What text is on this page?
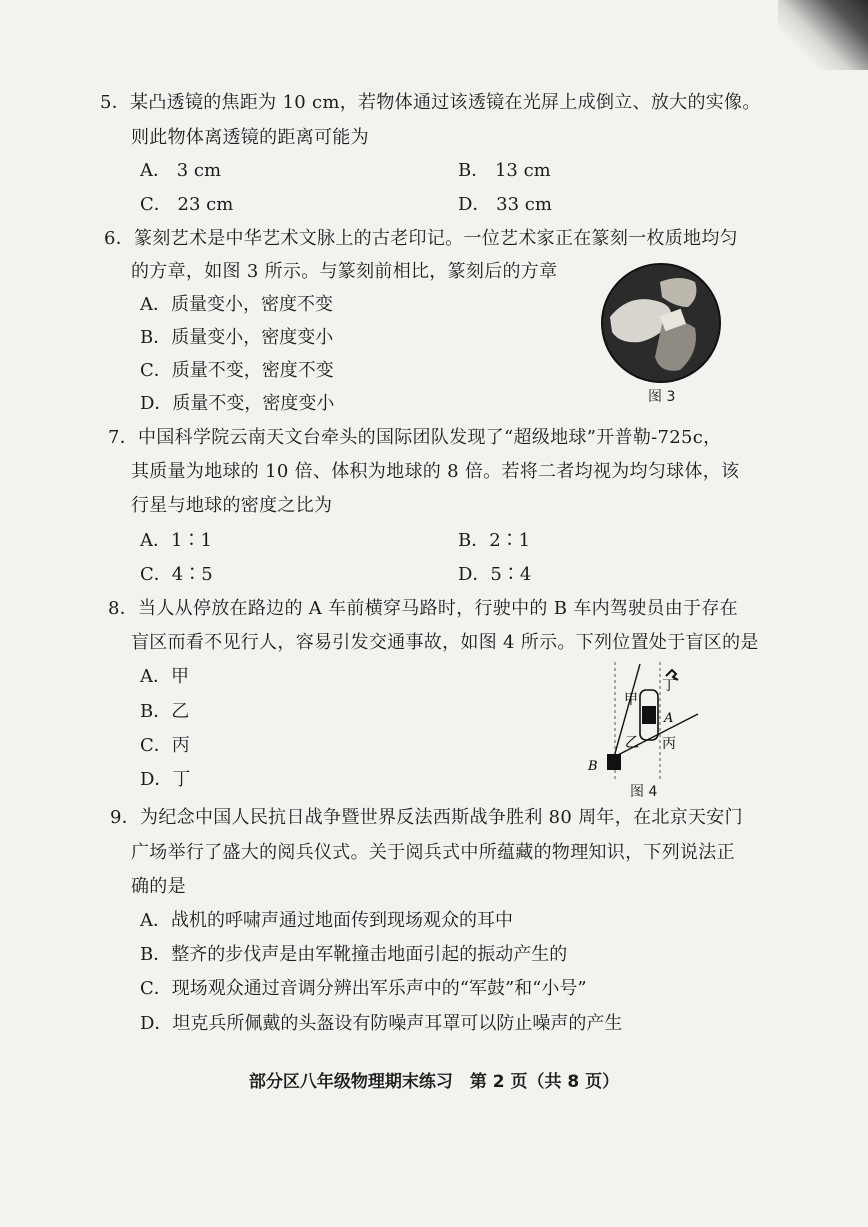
5．某凸透镜的焦距为 10 cm，若物体通过该透镜在光屏上成倒立、放大的实像。
则此物体离透镜的距离可能为
A． 3 cm	B． 13 cm
C． 23 cm	D． 33 cm
6．篆刻艺术是中华艺术文脉上的古老印记。一位艺术家正在篆刻一枚质地均匀
的方章，如图 3 所示。与篆刻前相比，篆刻后的方章
A．质量变小，密度不变
B．质量变小，密度变小
C．质量不变，密度不变
D．质量不变，密度变小	图 3
7．中国科学院云南天文台牵头的国际团队发现了“超级地球”开普勒-725c，
其质量为地球的 10 倍、体积为地球的 8 倍。若将二者均视为均匀球体，该
行星与地球的密度之比为
A．1∶1	B．2∶1
C．4∶5	D．5∶4
8．当人从停放在路边的 A 车前横穿马路时，行驶中的 B 车内驾驶员由于存在
盲区而看不见行人，容易引发交通事故，如图 4 所示。下列位置处于盲区的是
A．甲
B．乙
C．丙
D．丁
甲
丁
A
乙 丙
B
图 4
9．为纪念中国人民抗日战争暨世界反法西斯战争胜利 80 周年，在北京天安门
广场举行了盛大的阅兵仪式。关于阅兵式中所蕴藏的物理知识，下列说法正
确的是
A．战机的呼啸声通过地面传到现场观众的耳中
B．整齐的步伐声是由军靴撞击地面引起的振动产生的
C．现场观众通过音调分辨出军乐声中的“军鼓”和“小号”
D．坦克兵所佩戴的头盔设有防噪声耳罩可以防止噪声的产生
部分区八年级物理期末练习　第 2 页（共 8 页）
